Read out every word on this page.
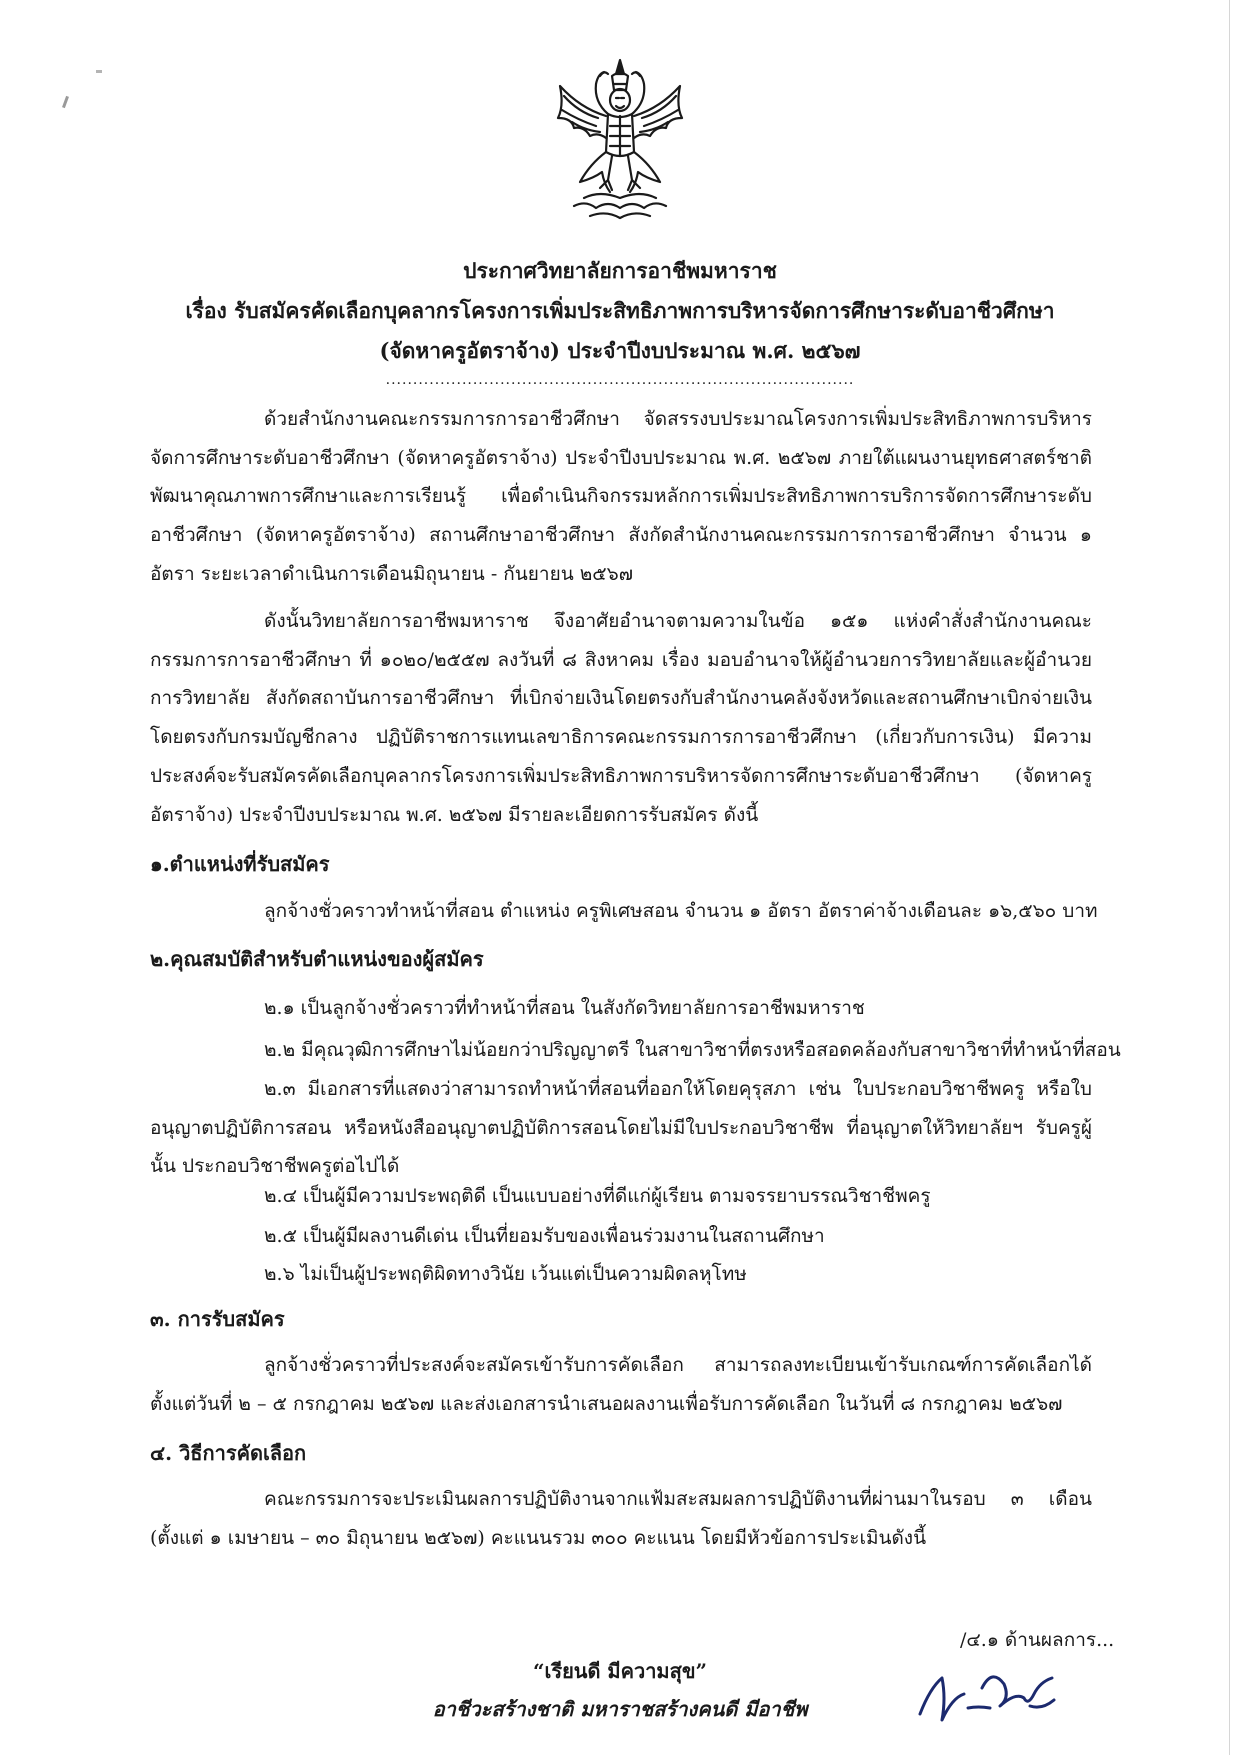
ประกาศวิทยาลัยการอาชีพมหาราช
เรื่อง รับสมัครคัดเลือกบุคลากรโครงการเพิ่มประสิทธิภาพการบริหารจัดการศึกษาระดับอาชีวศึกษา
(จัดหาครูอัตราจ้าง) ประจำปีงบประมาณ พ.ศ. ๒๕๖๗
......................................................................................
ด้วยสำนักงานคณะกรรมการการอาชีวศึกษา จัดสรรงบประมาณโครงการเพิ่มประสิทธิภาพการบริหารจัดการศึกษาระดับอาชีวศึกษา (จัดหาครูอัตราจ้าง) ประจำปีงบประมาณ พ.ศ. ๒๕๖๗ ภายใต้แผนงานยุทธศาสตร์ชาติพัฒนาคุณภาพการศึกษาและการเรียนรู้ เพื่อดำเนินกิจกรรมหลักการเพิ่มประสิทธิภาพการบริการจัดการศึกษาระดับอาชีวศึกษา (จัดหาครูอัตราจ้าง) สถานศึกษาอาชีวศึกษา สังกัดสำนักงานคณะกรรมการการอาชีวศึกษา จำนวน ๑ อัตรา ระยะเวลาดำเนินการเดือนมิถุนายน - กันยายน ๒๕๖๗
ดังนั้นวิทยาลัยการอาชีพมหาราช จึงอาศัยอำนาจตามความในข้อ ๑๕๑ แห่งคำสั่งสำนักงานคณะกรรมการการอาชีวศึกษา ที่ ๑๐๒๐/๒๕๕๗ ลงวันที่ ๘ สิงหาคม เรื่อง มอบอำนาจให้ผู้อำนวยการวิทยาลัยและผู้อำนวยการวิทยาลัย สังกัดสถาบันการอาชีวศึกษา ที่เบิกจ่ายเงินโดยตรงกับสำนักงานคลังจังหวัดและสถานศึกษาเบิกจ่ายเงินโดยตรงกับกรมบัญชีกลาง ปฏิบัติราชการแทนเลขาธิการคณะกรรมการการอาชีวศึกษา (เกี่ยวกับการเงิน) มีความประสงค์จะรับสมัครคัดเลือกบุคลากรโครงการเพิ่มประสิทธิภาพการบริหารจัดการศึกษาระดับอาชีวศึกษา (จัดหาครูอัตราจ้าง) ประจำปีงบประมาณ พ.ศ. ๒๕๖๗ มีรายละเอียดการรับสมัคร ดังนี้
๑.ตำแหน่งที่รับสมัคร
ลูกจ้างชั่วคราวทำหน้าที่สอน ตำแหน่ง ครูพิเศษสอน จำนวน ๑ อัตรา อัตราค่าจ้างเดือนละ ๑๖,๕๖๐ บาท
๒.คุณสมบัติสำหรับตำแหน่งของผู้สมัคร
๒.๑ เป็นลูกจ้างชั่วคราวที่ทำหน้าที่สอน ในสังกัดวิทยาลัยการอาชีพมหาราช
๒.๒ มีคุณวุฒิการศึกษาไม่น้อยกว่าปริญญาตรี ในสาขาวิชาที่ตรงหรือสอดคล้องกับสาขาวิชาที่ทำหน้าที่สอน
๒.๓ มีเอกสารที่แสดงว่าสามารถทำหน้าที่สอนที่ออกให้โดยคุรุสภา เช่น ใบประกอบวิชาชีพครู หรือใบอนุญาตปฏิบัติการสอน หรือหนังสืออนุญาตปฏิบัติการสอนโดยไม่มีใบประกอบวิชาชีพ ที่อนุญาตให้วิทยาลัยฯ รับครูผู้นั้น ประกอบวิชาชีพครูต่อไปได้
๒.๔ เป็นผู้มีความประพฤติดี เป็นแบบอย่างที่ดีแก่ผู้เรียน ตามจรรยาบรรณวิชาชีพครู
๒.๕ เป็นผู้มีผลงานดีเด่น เป็นที่ยอมรับของเพื่อนร่วมงานในสถานศึกษา
๒.๖ ไม่เป็นผู้ประพฤติผิดทางวินัย เว้นแต่เป็นความผิดลหุโทษ
๓. การรับสมัคร
ลูกจ้างชั่วคราวที่ประสงค์จะสมัครเข้ารับการคัดเลือก สามารถลงทะเบียนเข้ารับเกณฑ์การคัดเลือกได้ตั้งแต่วันที่ ๒ – ๕ กรกฎาคม ๒๕๖๗ และส่งเอกสารนำเสนอผลงานเพื่อรับการคัดเลือก ในวันที่ ๘ กรกฎาคม ๒๕๖๗
๔. วิธีการคัดเลือก
คณะกรรมการจะประเมินผลการปฏิบัติงานจากแฟ้มสะสมผลการปฏิบัติงานที่ผ่านมาในรอบ ๓ เดือน (ตั้งแต่ ๑ เมษายน – ๓๐ มิถุนายน ๒๕๖๗) คะแนนรวม ๓๐๐ คะแนน โดยมีหัวข้อการประเมินดังนี้
/๔.๑ ด้านผลการ...
“เรียนดี มีความสุข”
อาชีวะสร้างชาติ มหาราชสร้างคนดี มีอาชีพ
